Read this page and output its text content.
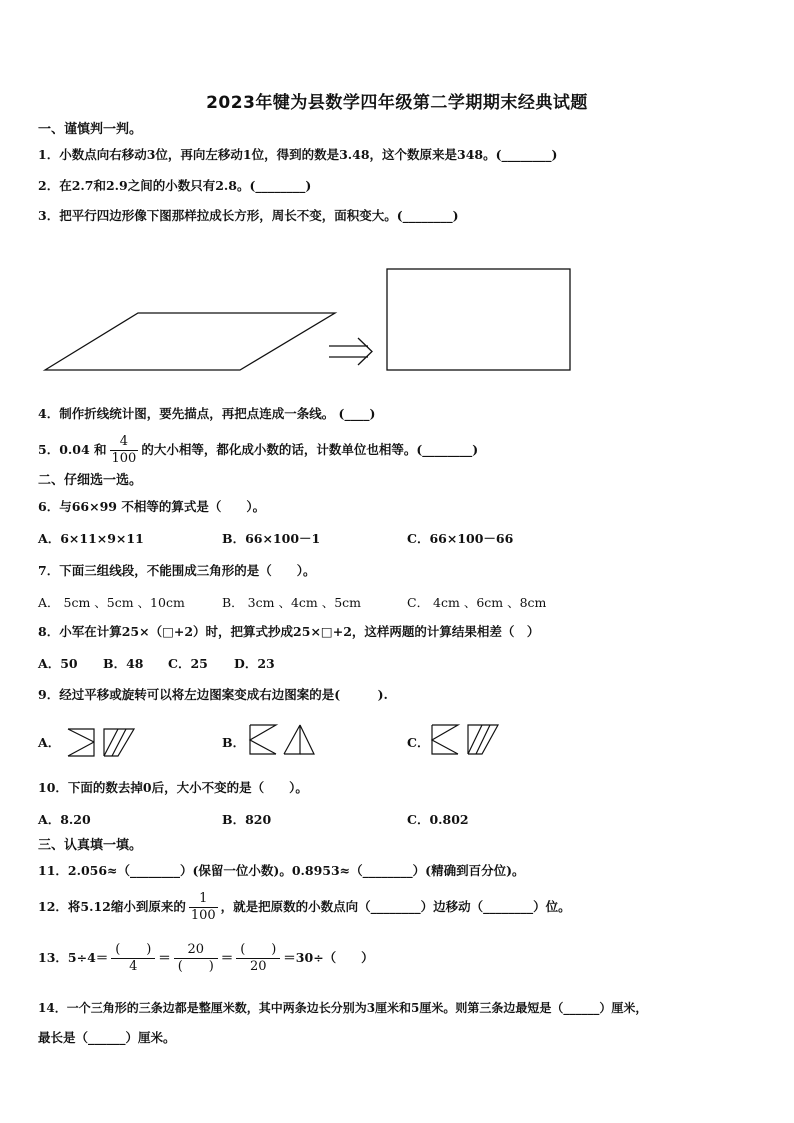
2023年犍为县数学四年级第二学期期末经典试题
一、谨慎判一判。
1．小数点向右移动3位，再向左移动1位，得到的数是3.48，这个数原来是348。(________)
2．在2.7和2.9之间的小数只有2.8。(________)
3．把平行四边形像下图那样拉成长方形，周长不变，面积变大。(________)
4．制作折线统计图，要先描点，再把点连成一条线。 (____)
5．0.04 和 $\frac{4}{100}$ 的大小相等，都化成小数的话，计数单位也相等。(________)
二、仔细选一选。
6．与66×99 不相等的算式是（　　）。
A．6×11×9×11	B．66×100－1	C．66×100－66
7．下面三组线段，不能围成三角形的是（　　）。
A． 5cm 、5cm 、10cm	B． 3cm 、4cm 、5cm	C． 4cm 、6cm 、8cm
8．小军在计算25×（□+2）时，把算式抄成25×□+2，这样两题的计算结果相差（　）
A．50 B．48 C．25 D．23
9．经过平移或旋转可以将左边图案变成右边图案的是(　　　).
A．	B．	C．
10．下面的数去掉0后，大小不变的是（　　）。
A．8.20	B．820	C．0.802
三、认真填一填。
11．2.056≈（________）(保留一位小数)。0.8953≈（________）(精确到百分位)。
12．将5.12缩小到原来的 $\frac{1}{100}$ ，就是把原数的小数点向（________）边移动（________）位。
13．$5\div 4= \frac{( )}{4} = \frac{20}{( )} = \frac{( )}{20} =30\div$（　　）
14．一个三角形的三条边都是整厘米数，其中两条边长分别为3厘米和5厘米。则第三条边最短是（______）厘米，
最长是（______）厘米。
